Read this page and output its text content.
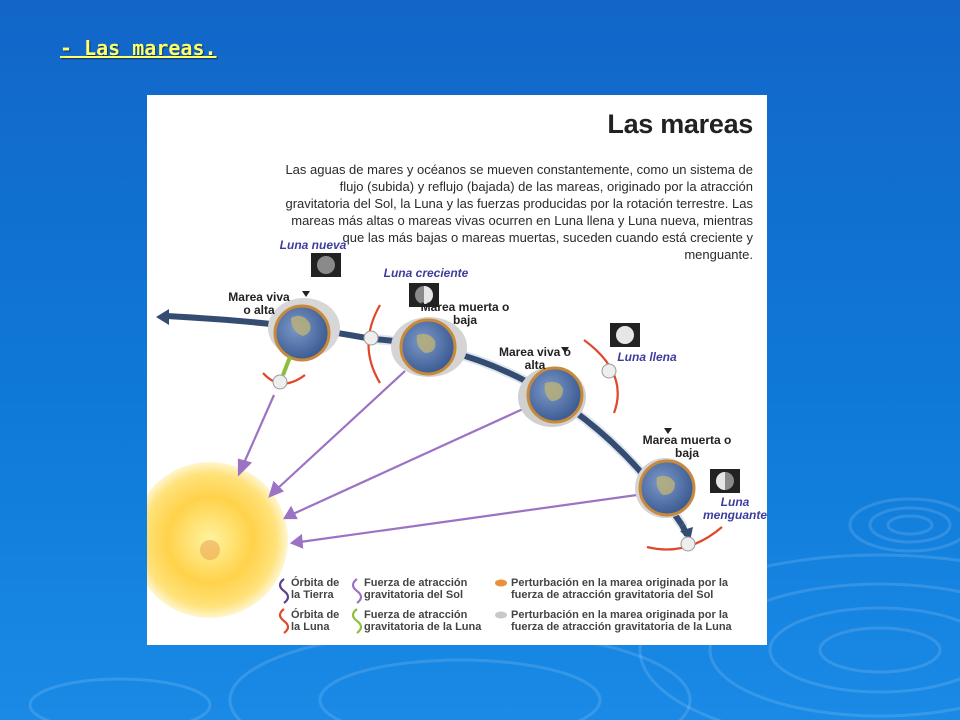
- Las mareas.
Las mareas

Las aguas de mares y océanos se mueven constantemente, como un sistema de flujo (subida) y reflujo (bajada) de las mareas, originado por la atracción gravitatoria del Sol, la Luna y las fuerzas producidas por la rotación terrestre. Las mareas más altas o mareas vivas ocurren en Luna llena y Luna nueva, mientras que las más bajas o mareas muertas, suceden cuando está creciente y menguante.

Marea viva o alta	Marea muerta o baja
Marea viva o alta
Marea muerta o baja
Luna nueva
Luna creciente
Luna llena
Luna menguante
Órbita de la Tierra
Órbita de la Luna
Fuerza de atracción gravitatoria del Sol
Fuerza de atracción gravitatoria de la Luna
Perturbación en la marea originada por la fuerza de atracción gravitatoria del Sol
Perturbación en la marea originada por la fuerza de atracción gravitatoria de la Luna
